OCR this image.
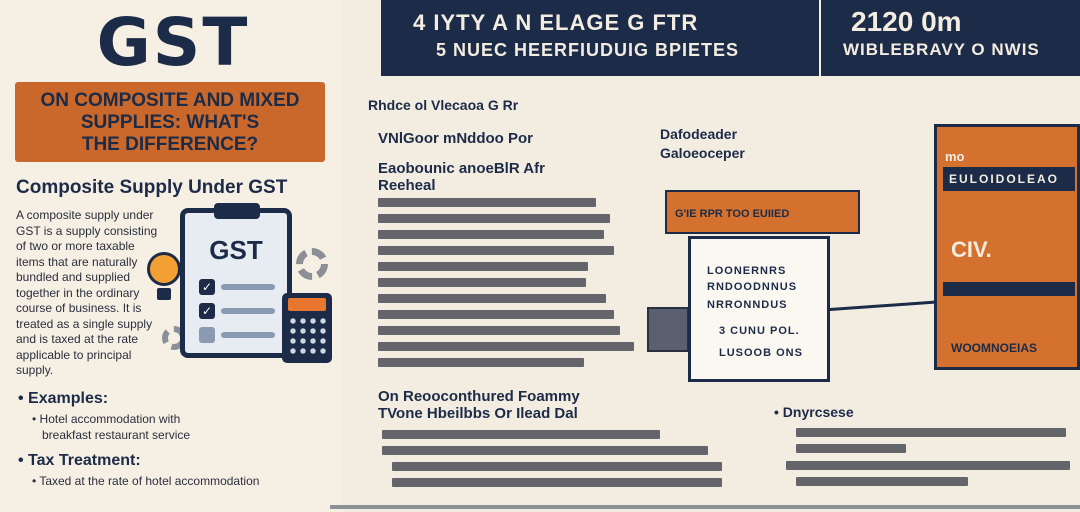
GST
ON COMPOSITE AND MIXED
SUPPLIES: WHAT'S
THE DIFFERENCE?
Composite Supply Under GST
A composite supply under
GST is a supply consisting
of two or more taxable
items that are naturally
bundled and supplied
together in the ordinary
course of business. It is
treated as a single supply
and is taxed at the rate
applicable to principal
supply.
GST
✓
✓
• Examples:
• Hotel accommodation with
breakfast restaurant service
• Tax Treatment:
• Taxed at the rate of hotel accommodation
4 IYTY A N ELAGE G FTR
5 NUEC HEERFIUDUIG BPIETES
2120 0m
WIBLEBRAVY O NWIS
Rhdce ol Vlecaoa G Rr
VNlGoor mNddoo Por
Eaobounic anoeBlR Afr
Reeheal
Dafodeader
Galoeoceper
G'IE RPR TOO EUIIED
LOONERNRS
RNDOODNNUS
NRRONNDUS
3 CUNU POL.
LUSOOB ONS
On Reooconthured Foammy
TVone Hbeilbbs Or Ilead Dal
mo
EULOIDOLEAO
CIV.
WOOMNOEIAS
• Dnyrcsese
